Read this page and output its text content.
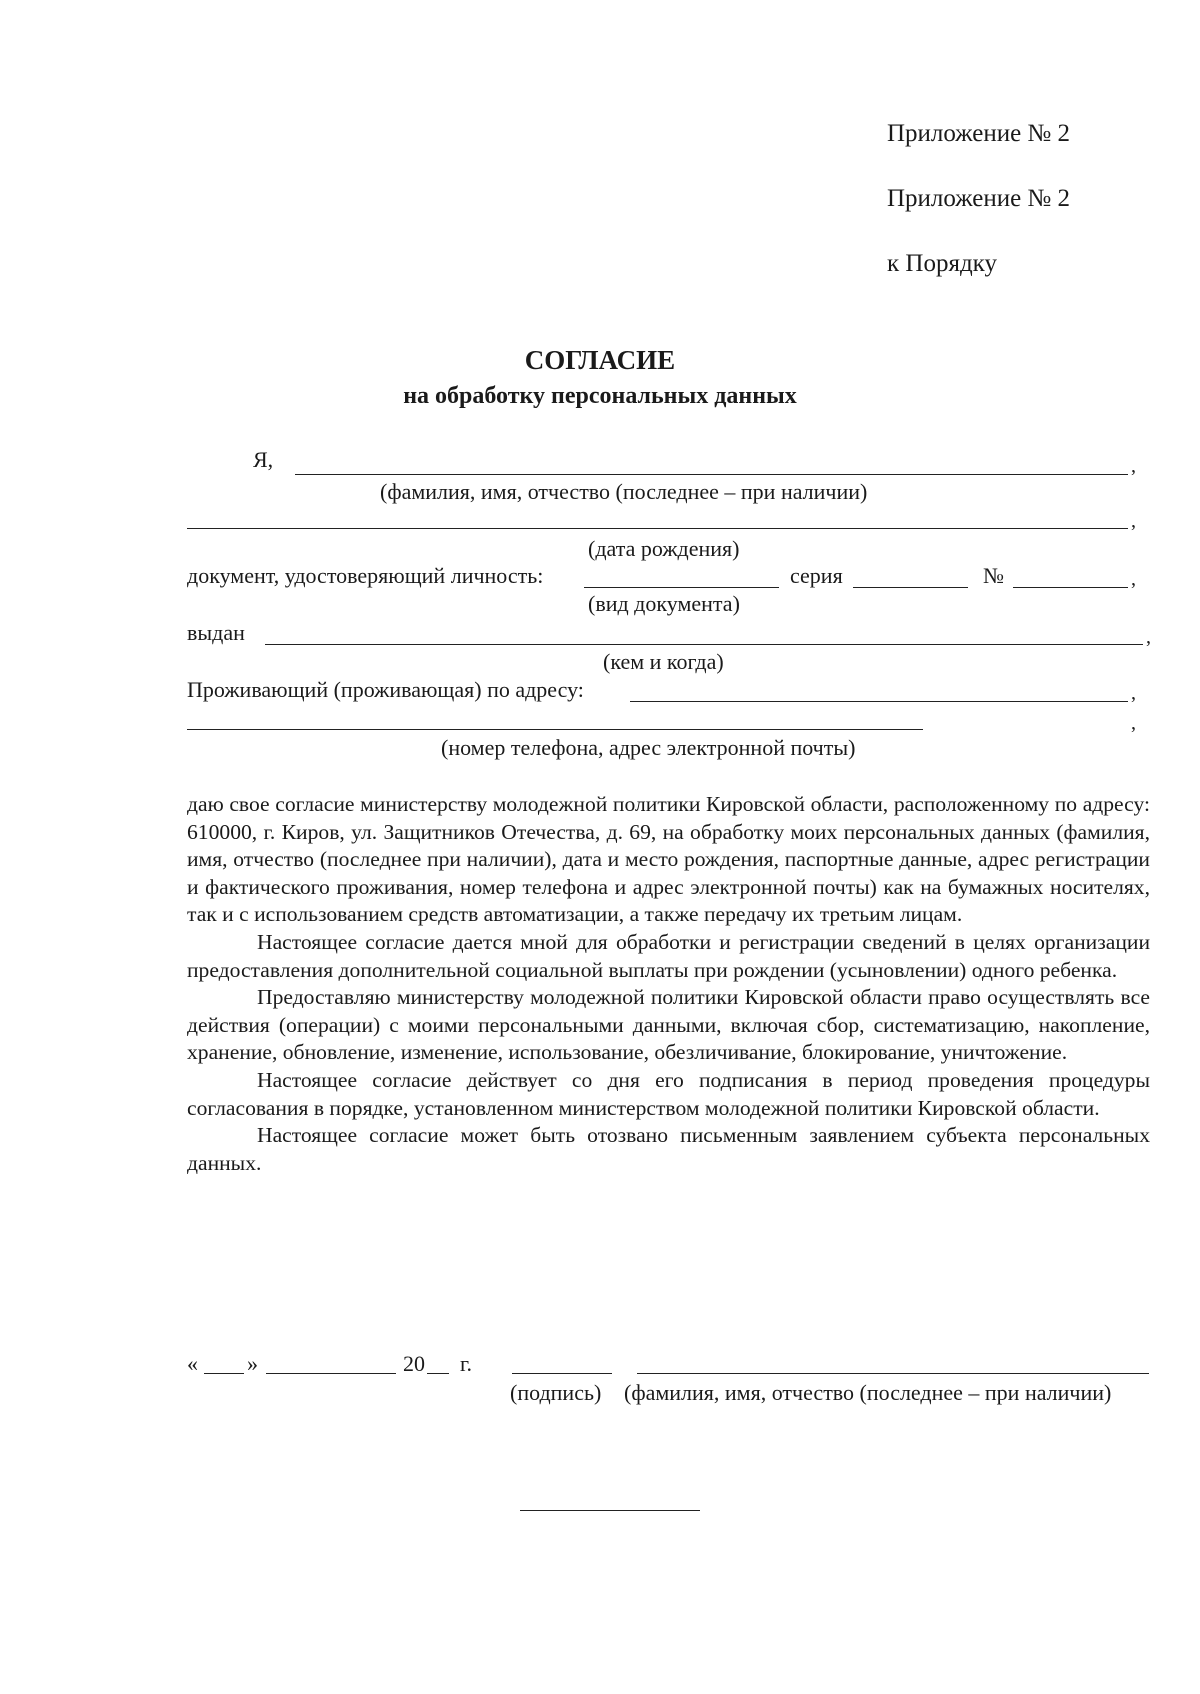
Приложение № 2
Приложение № 2
к Порядку
СОГЛАСИЕ
на обработку персональных данных
Я,	,
(фамилия, имя, отчество (последнее – при наличии)
,
(дата рождения)
документ, удостоверяющий личность:	серия	№	,
(вид документа)
выдан	,
(кем и когда)
Проживающий (проживающая) по адресу:	,
,
(номер телефона, адрес электронной почты)

даю свое согласие министерству молодежной политики Кировской области, расположенному по адресу: 610000, г. Киров, ул. Защитников Отечества, д. 69, на обработку моих персональных данных (фамилия, имя, отчество (последнее при наличии), дата и место рождения, паспортные данные, адрес регистрации и фактического проживания, номер телефона и адрес электронной почты) как на бумажных носителях, так и с использованием средств автоматизации, а также передачу их третьим лицам.

Настоящее согласие дается мной для обработки и регистрации сведений в целях организации предоставления дополнительной социальной выплаты при рождении (усыновлении) одного ребенка.

Предоставляю министерству молодежной политики Кировской области право осуществлять все действия (операции) с моими персональными данными, включая сбор, систематизацию, накопление, хранение, обновление, изменение, использование, обезличивание, блокирование, уничтожение.

Настоящее согласие действует со дня его подписания в период проведения процедуры согласования в порядке, установленном министерством молодежной политики Кировской области.

Настоящее согласие может быть отозвано письменным заявлением субъекта персональных данных.

« »	20 г.
(подпись) (фамилия, имя, отчество (последнее – при наличии)
